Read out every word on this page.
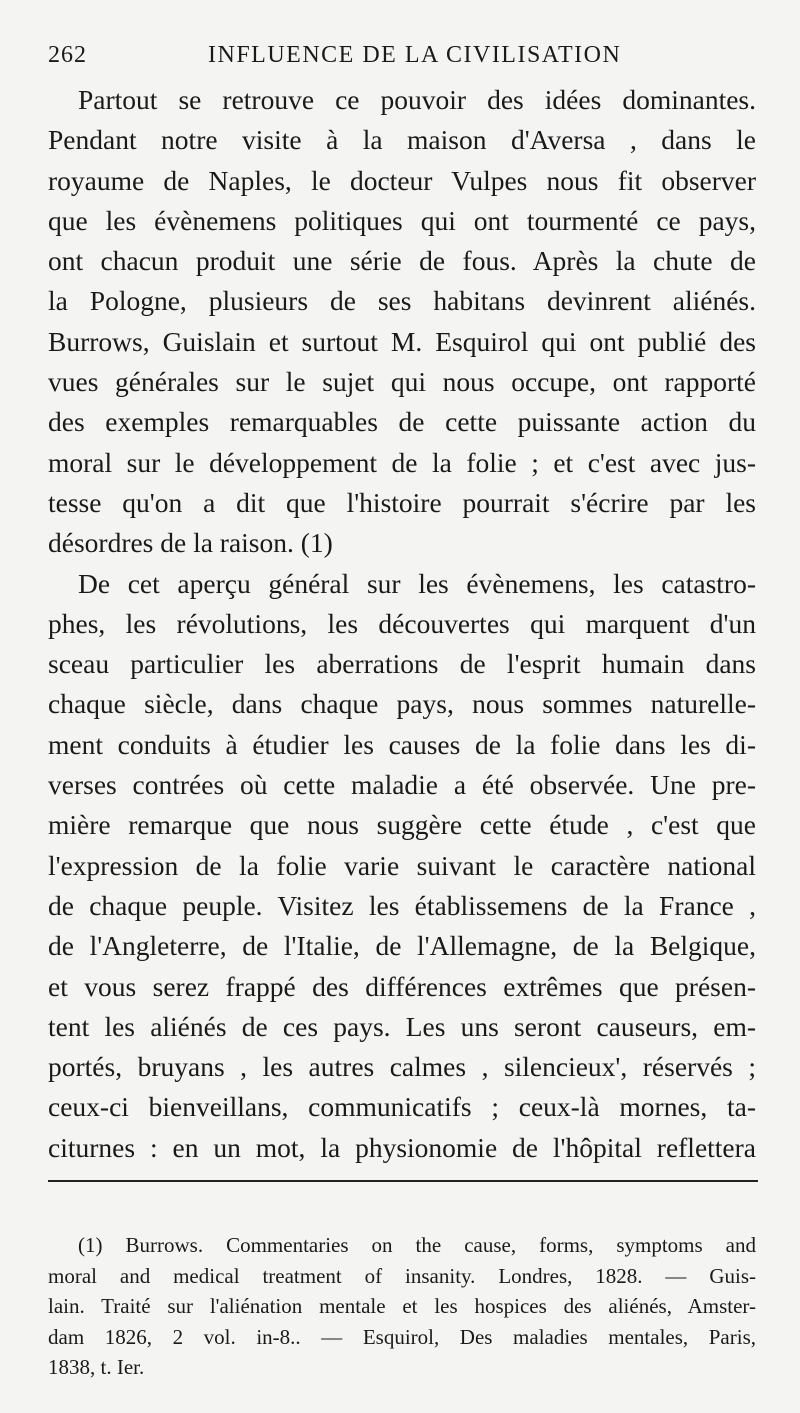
262	INFLUENCE DE LA CIVILISATION
Partout se retrouve ce pouvoir des idées dominantes.
Pendant notre visite à la maison d'Aversa , dans le
royaume de Naples, le docteur Vulpes nous fit observer
que les évènemens politiques qui ont tourmenté ce pays,
ont chacun produit une série de fous. Après la chute de
la Pologne, plusieurs de ses habitans devinrent aliénés.
Burrows, Guislain et surtout M. Esquirol qui ont publié des
vues générales sur le sujet qui nous occupe, ont rapporté
des exemples remarquables de cette puissante action du
moral sur le développement de la folie ; et c'est avec jus-
tesse qu'on a dit que l'histoire pourrait s'écrire par les
désordres de la raison. (1)
De cet aperçu général sur les évènemens, les catastro-
phes, les révolutions, les découvertes qui marquent d'un
sceau particulier les aberrations de l'esprit humain dans
chaque siècle, dans chaque pays, nous sommes naturelle-
ment conduits à étudier les causes de la folie dans les di-
verses contrées où cette maladie a été observée. Une pre-
mière remarque que nous suggère cette étude , c'est que
l'expression de la folie varie suivant le caractère national
de chaque peuple. Visitez les établissemens de la France ,
de l'Angleterre, de l'Italie, de l'Allemagne, de la Belgique,
et vous serez frappé des différences extrêmes que présen-
tent les aliénés de ces pays. Les uns seront causeurs, em-
portés, bruyans , les autres calmes , silencieux', réservés ;
ceux-ci bienveillans, communicatifs ; ceux-là mornes, ta-
citurnes : en un mot, la physionomie de l'hôpital reflettera
(1) Burrows. Commentaries on the cause, forms, symptoms and
moral and medical treatment of insanity. Londres, 1828. — Guis-
lain. Traité sur l'aliénation mentale et les hospices des aliénés, Amster-
dam 1826, 2 vol. in-8.. — Esquirol, Des maladies mentales, Paris,
1838, t. Ier.
